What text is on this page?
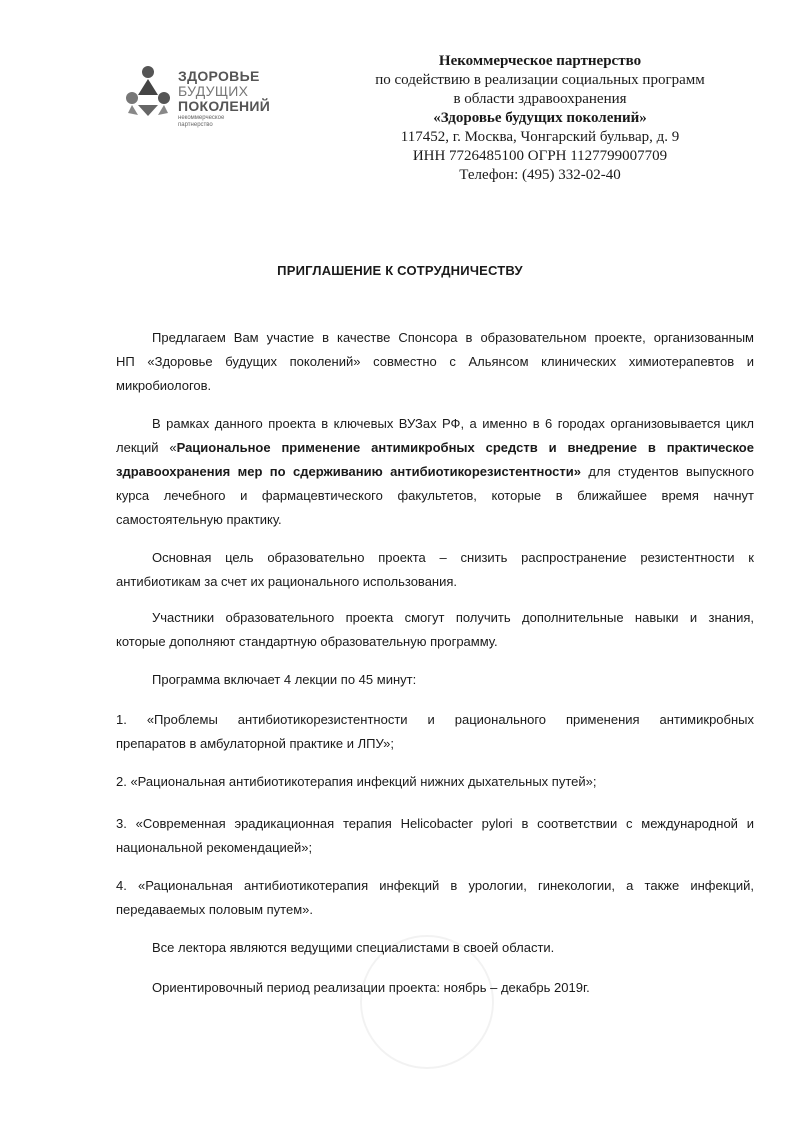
ЗДОРОВЬЕ
БУДУЩИХ
ПОКОЛЕНИЙ
некоммерческое партнерство
Некоммерческое партнерство
по содействию в реализации социальных программ
в области здравоохранения
«Здоровье будущих поколений»
117452, г. Москва, Чонгарский бульвар, д. 9
ИНН 7726485100 ОГРН 1127799007709
Телефон: (495) 332-02-40
ПРИГЛАШЕНИЕ К СОТРУДНИЧЕСТВУ
Предлагаем Вам участие в качестве Спонсора в образовательном проекте, организованным
НП «Здоровье будущих поколений» совместно с Альянсом клинических химиотерапевтов и
микробиологов.
В рамках данного проекта в ключевых ВУЗах РФ, а именно в 6 городах организовывается цикл
лекций «Рациональное применение антимикробных средств и внедрение в практическое
здравоохранения мер по сдерживанию антибиотикорезистентности» для студентов выпускного
курса лечебного и фармацевтического факультетов, которые в ближайшее время начнут
самостоятельную практику.
Основная цель образовательно проекта – снизить распространение резистентности к
антибиотикам за счет их рационального использования.
Участники образовательного проекта смогут получить дополнительные навыки и знания,
которые дополняют стандартную образовательную программу.
Программа включает 4 лекции по 45 минут:
1. «Проблемы антибиотикорезистентности и рационального применения антимикробных
препаратов в амбулаторной практике и ЛПУ»;
2. «Рациональная антибиотикотерапия инфекций нижних дыхательных путей»;
3. «Современная эрадикационная терапия Helicobacter pylori в соответствии с международной и
национальной рекомендацией»;
4. «Рациональная антибиотикотерапия инфекций в урологии, гинекологии, а также инфекций,
передаваемых половым путем».
Все лектора являются ведущими специалистами в своей области.
Ориентировочный период реализации проекта: ноябрь – декабрь 2019г.
